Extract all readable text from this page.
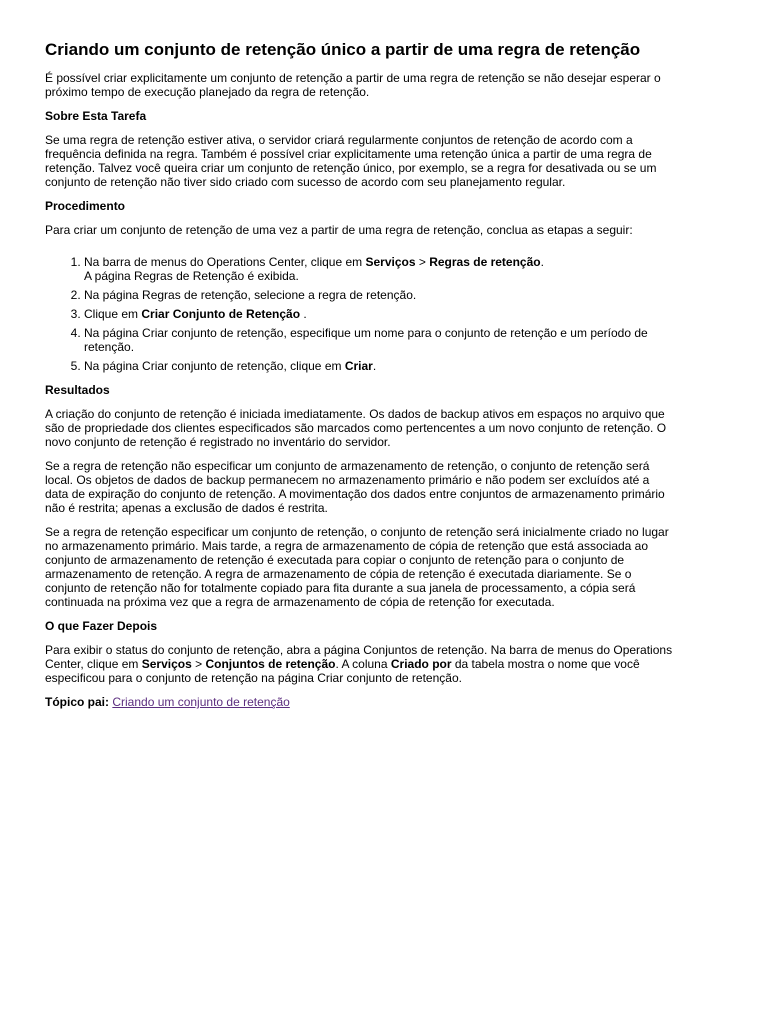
Criando um conjunto de retenção único a partir de uma regra de retenção

É possível criar explicitamente um conjunto de retenção a partir de uma regra de retenção se não desejar esperar o próximo tempo de execução planejado da regra de retenção.

Sobre Esta Tarefa

Se uma regra de retenção estiver ativa, o servidor criará regularmente conjuntos de retenção de acordo com a frequência definida na regra. Também é possível criar explicitamente uma retenção única a partir de uma regra de retenção. Talvez você queira criar um conjunto de retenção único, por exemplo, se a regra for desativada ou se um conjunto de retenção não tiver sido criado com sucesso de acordo com seu planejamento regular.

Procedimento

Para criar um conjunto de retenção de uma vez a partir de uma regra de retenção, conclua as etapas a seguir:

1. Na barra de menus do Operations Center, clique em Serviços > Regras de retenção.
A página Regras de Retenção é exibida.
2. Na página Regras de retenção, selecione a regra de retenção.
3. Clique em Criar Conjunto de Retenção .
4. Na página Criar conjunto de retenção, especifique um nome para o conjunto de retenção e um período de retenção.
5. Na página Criar conjunto de retenção, clique em Criar.
Resultados

A criação do conjunto de retenção é iniciada imediatamente. Os dados de backup ativos em espaços no arquivo que são de propriedade dos clientes especificados são marcados como pertencentes a um novo conjunto de retenção. O novo conjunto de retenção é registrado no inventário do servidor.

Se a regra de retenção não especificar um conjunto de armazenamento de retenção, o conjunto de retenção será local. Os objetos de dados de backup permanecem no armazenamento primário e não podem ser excluídos até a data de expiração do conjunto de retenção. A movimentação dos dados entre conjuntos de armazenamento primário não é restrita; apenas a exclusão de dados é restrita.

Se a regra de retenção especificar um conjunto de retenção, o conjunto de retenção será inicialmente criado no lugar no armazenamento primário. Mais tarde, a regra de armazenamento de cópia de retenção que está associada ao conjunto de armazenamento de retenção é executada para copiar o conjunto de retenção para o conjunto de armazenamento de retenção. A regra de armazenamento de cópia de retenção é executada diariamente. Se o conjunto de retenção não for totalmente copiado para fita durante a sua janela de processamento, a cópia será continuada na próxima vez que a regra de armazenamento de cópia de retenção for executada.

O que Fazer Depois

Para exibir o status do conjunto de retenção, abra a página Conjuntos de retenção. Na barra de menus do Operations Center, clique em Serviços > Conjuntos de retenção. A coluna Criado por da tabela mostra o nome que você especificou para o conjunto de retenção na página Criar conjunto de retenção.

Tópico pai: Criando um conjunto de retenção
